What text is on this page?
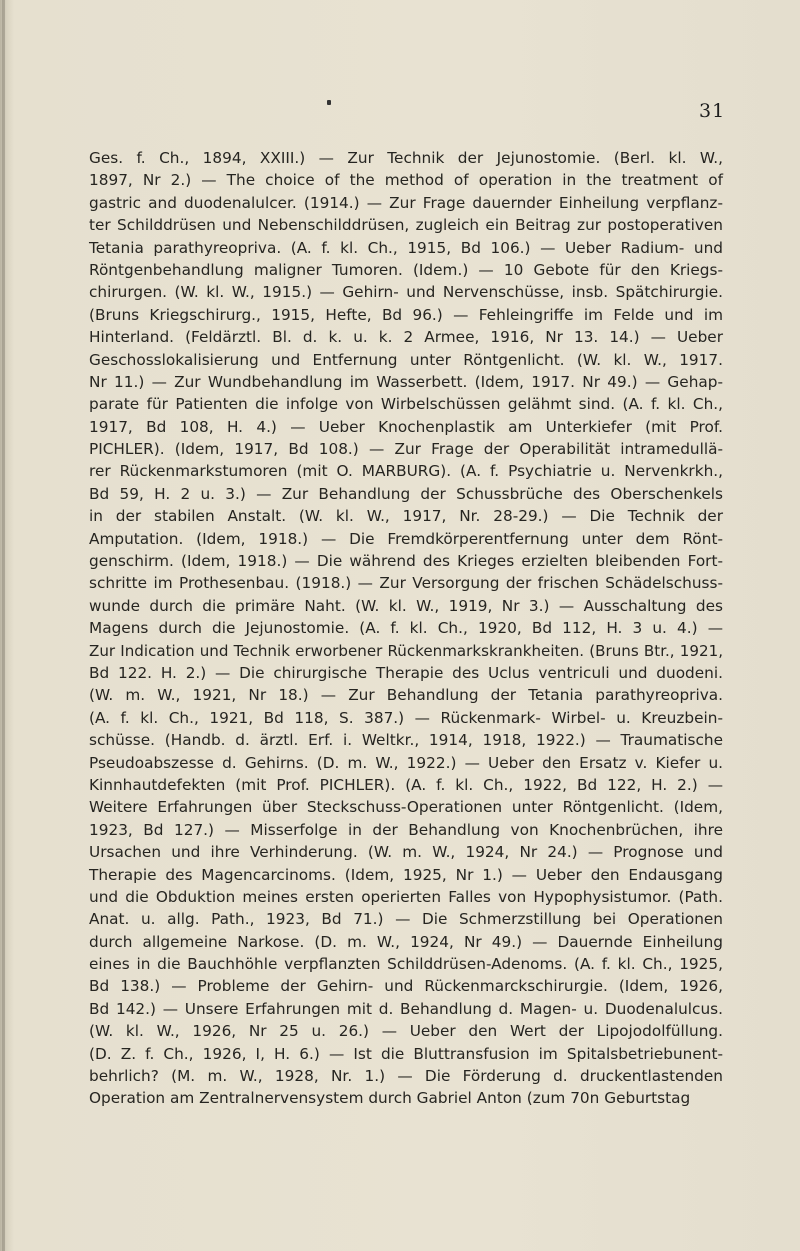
31
Ges. f. Ch., 1894, XXIII.) — Zur Technik der Jejunostomie. (Berl. kl. W.,
1897, Nr 2.) — The choice of the method of operation in the treatment of
gastric and duodenalulcer. (1914.) — Zur Frage dauernder Einheilung verpflanz-
ter Schilddrüsen und Nebenschilddrüsen, zugleich ein Beitrag zur postoperativen
Tetania parathyreopriva. (A. f. kl. Ch., 1915, Bd 106.) — Ueber Radium- und
Röntgenbehandlung maligner Tumoren. (Idem.) — 10 Gebote für den Kriegs-
chirurgen. (W. kl. W., 1915.) — Gehirn- und Nervenschüsse, insb. Spätchirurgie.
(Bruns Kriegschirurg., 1915, Hefte, Bd 96.) — Fehleingriffe im Felde und im
Hinterland. (Feldärztl. Bl. d. k. u. k. 2 Armee, 1916, Nr 13. 14.) — Ueber
Geschosslokalisierung und Entfernung unter Röntgenlicht. (W. kl. W., 1917.
Nr 11.) — Zur Wundbehandlung im Wasserbett. (Idem, 1917. Nr 49.) — Gehap-
parate für Patienten die infolge von Wirbelschüssen gelähmt sind. (A. f. kl. Ch.,
1917, Bd 108, H. 4.) — Ueber Knochenplastik am Unterkiefer (mit Prof.
PICHLER). (Idem, 1917, Bd 108.) — Zur Frage der Operabilität intramedullä-
rer Rückenmarkstumoren (mit O. MARBURG). (A. f. Psychiatrie u. Nervenkrkh.,
Bd 59, H. 2 u. 3.) — Zur Behandlung der Schussbrüche des Oberschenkels
in der stabilen Anstalt. (W. kl. W., 1917, Nr. 28-29.) — Die Technik der
Amputation. (Idem, 1918.) — Die Fremdkörperentfernung unter dem Rönt-
genschirm. (Idem, 1918.) — Die während des Krieges erzielten bleibenden Fort-
schritte im Prothesenbau. (1918.) — Zur Versorgung der frischen Schädelschuss-
wunde durch die primäre Naht. (W. kl. W., 1919, Nr 3.) — Ausschaltung des
Magens durch die Jejunostomie. (A. f. kl. Ch., 1920, Bd 112, H. 3 u. 4.) —
Zur Indication und Technik erworbener Rückenmarkskrankheiten. (Bruns Btr., 1921,
Bd 122. H. 2.) — Die chirurgische Therapie des Uclus ventriculi und duodeni.
(W. m. W., 1921, Nr 18.) — Zur Behandlung der Tetania parathyreopriva.
(A. f. kl. Ch., 1921, Bd 118, S. 387.) — Rückenmark- Wirbel- u. Kreuzbein-
schüsse. (Handb. d. ärztl. Erf. i. Weltkr., 1914, 1918, 1922.) — Traumatische
Pseudoabszesse d. Gehirns. (D. m. W., 1922.) — Ueber den Ersatz v. Kiefer u.
Kinnhautdefekten (mit Prof. PICHLER). (A. f. kl. Ch., 1922, Bd 122, H. 2.) —
Weitere Erfahrungen über Steckschuss-Operationen unter Röntgenlicht. (Idem,
1923, Bd 127.) — Misserfolge in der Behandlung von Knochenbrüchen, ihre
Ursachen und ihre Verhinderung. (W. m. W., 1924, Nr 24.) — Prognose und
Therapie des Magencarcinoms. (Idem, 1925, Nr 1.) — Ueber den Endausgang
und die Obduktion meines ersten operierten Falles von Hypophysistumor. (Path.
Anat. u. allg. Path., 1923, Bd 71.) — Die Schmerzstillung bei Operationen
durch allgemeine Narkose. (D. m. W., 1924, Nr 49.) — Dauernde Einheilung
eines in die Bauchhöhle verpflanzten Schilddrüsen-Adenoms. (A. f. kl. Ch., 1925,
Bd 138.) — Probleme der Gehirn- und Rückenmarckschirurgie. (Idem, 1926,
Bd 142.) — Unsere Erfahrungen mit d. Behandlung d. Magen- u. Duodenalulcus.
(W. kl. W., 1926, Nr 25 u. 26.) — Ueber den Wert der Lipojodolfüllung.
(D. Z. f. Ch., 1926, I, H. 6.) — Ist die Bluttransfusion im Spitalsbetriebunent-
behrlich? (M. m. W., 1928, Nr. 1.) — Die Förderung d. druckentlastenden
Operation am Zentralnervensystem durch Gabriel Anton (zum 70n Geburtstag
